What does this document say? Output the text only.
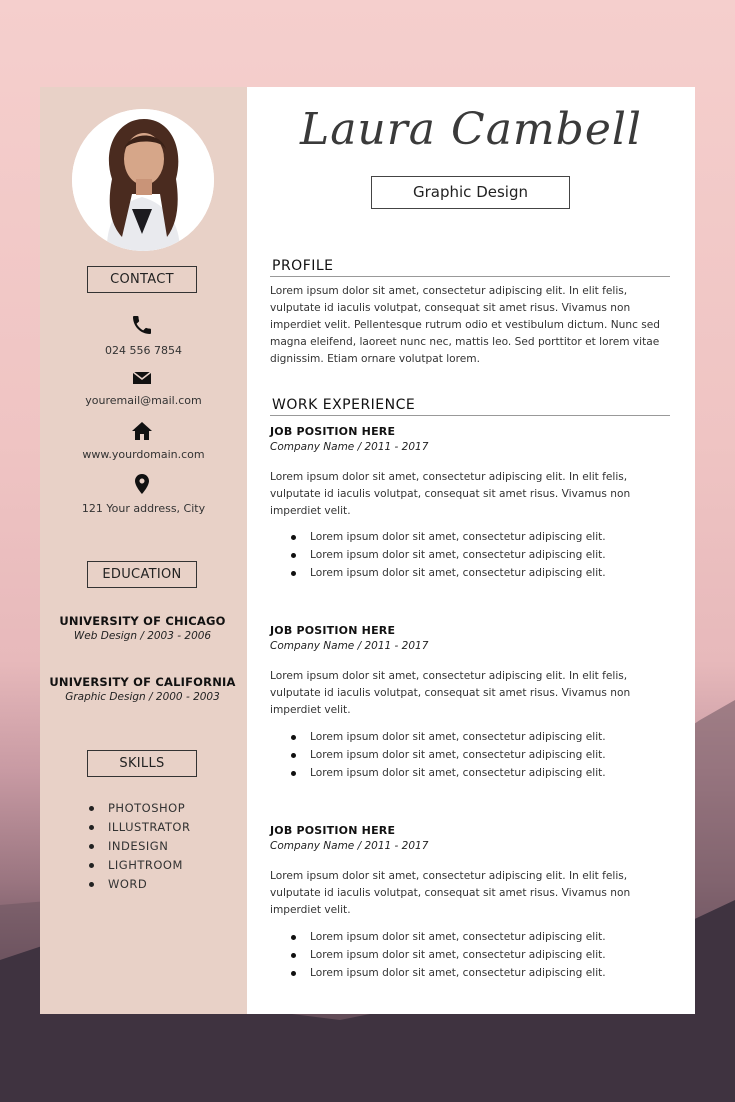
CONTACT
024 556 7854
youremail@mail.com
www.yourdomain.com
121 Your address, City
EDUCATION
UNIVERSITY OF CHICAGO
Web Design / 2003 - 2006
UNIVERSITY OF CALIFORNIA
Graphic Design / 2000 - 2003
SKILLS
PHOTOSHOP
ILLUSTRATOR
INDESIGN
LIGHTROOM
WORD
Laura Cambell
Graphic Design
PROFILE

Lorem ipsum dolor sit amet, consectetur adipiscing elit. In elit felis, vulputate id iaculis volutpat, consequat sit amet risus. Vivamus non imperdiet velit. Pellentesque rutrum odio et vestibulum dictum. Nunc sed magna eleifend, laoreet nunc nec, mattis leo. Sed porttitor et lorem vitae dignissim. Etiam ornare volutpat lorem.

WORK EXPERIENCE
JOB POSITION HERE
Company Name / 2011 - 2017

Lorem ipsum dolor sit amet, consectetur adipiscing elit. In elit felis, vulputate id iaculis volutpat, consequat sit amet risus. Vivamus non imperdiet velit.

Lorem ipsum dolor sit amet, consectetur adipiscing elit.
Lorem ipsum dolor sit amet, consectetur adipiscing elit.
Lorem ipsum dolor sit amet, consectetur adipiscing elit.
JOB POSITION HERE
Company Name / 2011 - 2017

Lorem ipsum dolor sit amet, consectetur adipiscing elit. In elit felis, vulputate id iaculis volutpat, consequat sit amet risus. Vivamus non imperdiet velit.

Lorem ipsum dolor sit amet, consectetur adipiscing elit.
Lorem ipsum dolor sit amet, consectetur adipiscing elit.
Lorem ipsum dolor sit amet, consectetur adipiscing elit.
JOB POSITION HERE
Company Name / 2011 - 2017

Lorem ipsum dolor sit amet, consectetur adipiscing elit. In elit felis, vulputate id iaculis volutpat, consequat sit amet risus. Vivamus non imperdiet velit.

Lorem ipsum dolor sit amet, consectetur adipiscing elit.
Lorem ipsum dolor sit amet, consectetur adipiscing elit.
Lorem ipsum dolor sit amet, consectetur adipiscing elit.
